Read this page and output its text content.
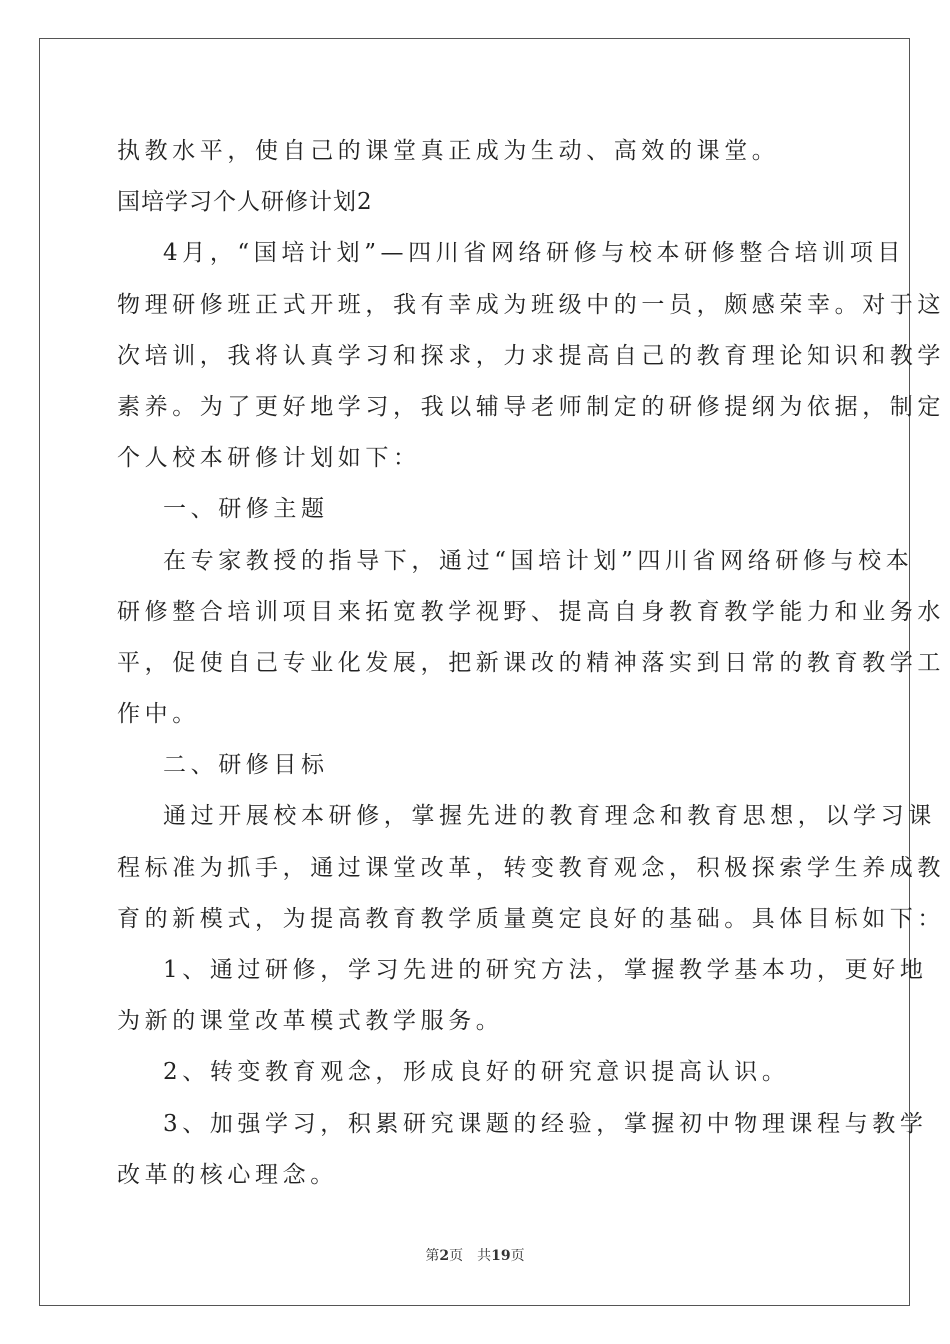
执教水平，使自己的课堂真正成为生动、高效的课堂。
国培学习个人研修计划2
4月，“国培计划”—四川省网络研修与校本研修整合培训项目
物理研修班正式开班，我有幸成为班级中的一员，颇感荣幸。对于这
次培训，我将认真学习和探求，力求提高自己的教育理论知识和教学
素养。为了更好地学习，我以辅导老师制定的研修提纲为依据，制定
个人校本研修计划如下：
一、研修主题
在专家教授的指导下，通过“国培计划”四川省网络研修与校本
研修整合培训项目来拓宽教学视野、提高自身教育教学能力和业务水
平，促使自己专业化发展，把新课改的精神落实到日常的教育教学工
作中。
二、研修目标
通过开展校本研修，掌握先进的教育理念和教育思想，以学习课
程标准为抓手，通过课堂改革，转变教育观念，积极探索学生养成教
育的新模式，为提高教育教学质量奠定良好的基础。具体目标如下：
1、通过研修，学习先进的研究方法，掌握教学基本功，更好地
为新的课堂改革模式教学服务。
2、转变教育观念，形成良好的研究意识提高认识。
3、加强学习，积累研究课题的经验，掌握初中物理课程与教学
改革的核心理念。
第2页 共19页
